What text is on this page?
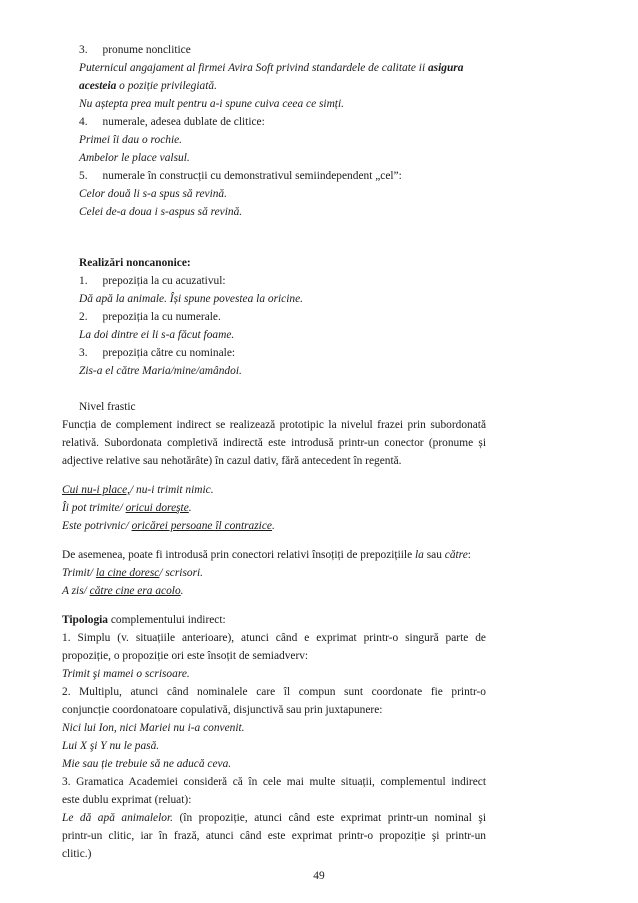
3. pronume nonclitice
Puternicul angajament al firmei Avira Soft privind standardele de calitate ii asigura
acesteia o poziție privilegiată.
Nu aștepta prea mult pentru a-i spune cuiva ceea ce simți.
4. numerale, adesea dublate de clitice:
Primei îi dau o rochie.
Ambelor le place valsul.
5. numerale în construcții cu demonstrativul semiindependent „cel”:
Celor două li s-a spus să revină.
Celei de-a doua i s-aspus să revină.
Realizări noncanonice:
1. prepoziția la cu acuzativul:
Dă apă la animale. Își spune povestea la oricine.
2. prepoziția la cu numerale.
La doi dintre ei li s-a făcut foame.
3. prepoziția către cu nominale:
Zis-a el către Maria/mine/amândoi.
Nivel frastic
Funcția de complement indirect se realizează prototipic la nivelul frazei prin subordonată
relativă. Subordonata completivă indirectă este introdusă printr-un conector (pronume și
adjective relative sau nehotărâte) în cazul dativ, fără antecedent în regentă.
Cui nu-i place,/ nu-i trimit nimic.
Îi pot trimite/ oricui doreşte.
Este potrivnic/ oricărei persoane îl contrazice.
De asemenea, poate fi introdusă prin conectori relativi însoțiți de prepozițiile la sau către:
Trimit/ la cine doresc/ scrisori.
A zis/ către cine era acolo.
Tipologia complementului indirect:
1. Simplu (v. situațiile anterioare), atunci când e exprimat printr-o singură parte de
propoziție, o propoziție ori este însoțit de semiadverv:
Trimit şi mamei o scrisoare.
2. Multiplu, atunci când nominalele care îl compun sunt coordonate fie printr-o
conjuncție coordonatoare copulativă, disjunctivă sau prin juxtapunere:
Nici lui Ion, nici Mariei nu i-a convenit.
Lui X şi Y nu le pasă.
Mie sau ție trebuie să ne aducă ceva.
3. Gramatica Academiei consideră că în cele mai multe situații, complementul indirect
este dublu exprimat (reluat):
Le dă apă animalelor. (în propoziție, atunci când este exprimat printr-un nominal şi
printr-un clitic, iar în frază, atunci când este exprimat printr-o propoziție şi printr-un
clitic.)
49
